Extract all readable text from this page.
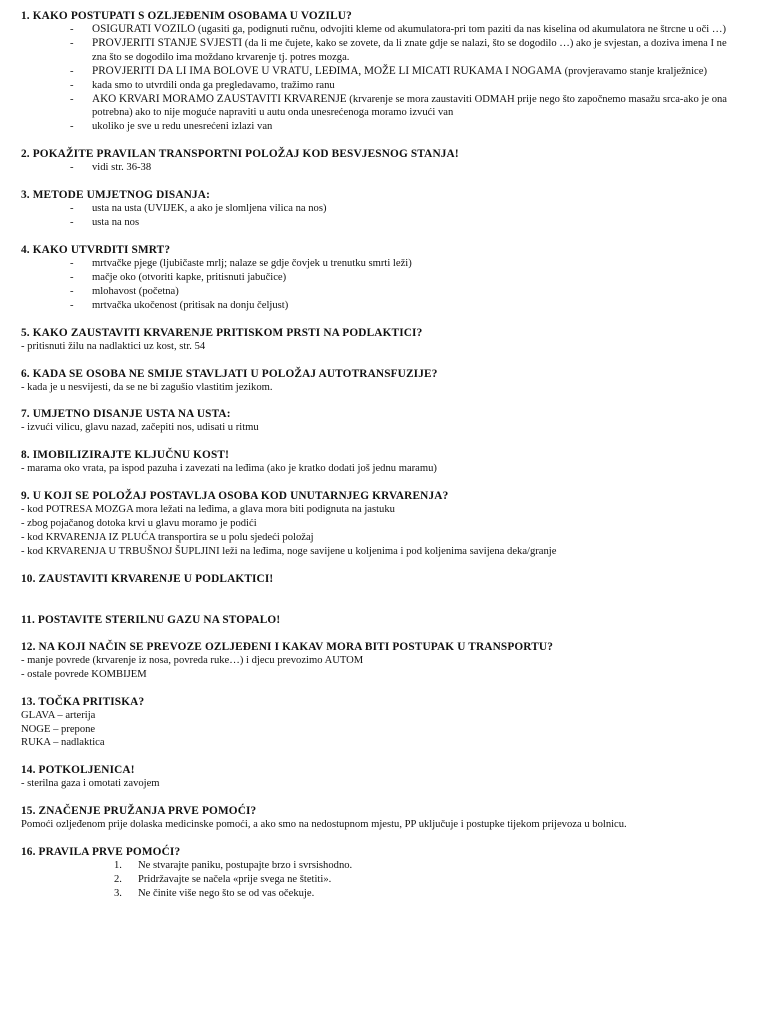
1. KAKO POSTUPATI S OZLJEĐENIM OSOBAMA U VOZILU?

- OSIGURATI VOZILO (ugasiti ga, podignuti ručnu, odvojiti kleme od akumulatora-pri tom paziti da nas kiselina od akumulatora ne štrcne u oči …)
- PROVJERITI STANJE SVJESTI (da li me čujete, kako se zovete, da li znate gdje se nalazi, što se dogodilo …) ako je svjestan, a doziva imena I ne zna što se dogodilo ima moždano krvarenje tj. potres mozga.
- PROVJERITI DA LI IMA BOLOVE U VRATU, LEĐIMA, MOŽE LI MICATI RUKAMA I NOGAMA (provjeravamo stanje kralježnice)
- kada smo to utvrdili onda ga pregledavamo, tražimo ranu
- AKO KRVARI MORAMO ZAUSTAVITI KRVARENJE (krvarenje se mora zaustaviti ODMAH prije nego što započnemo masažu srca-ako je ona potrebna) ako to nije moguće napraviti u autu onda unesrećenoga moramo izvući van
- ukoliko je sve u redu unesrećeni izlazi van

2. POKAŽITE PRAVILAN TRANSPORTNI POLOŽAJ KOD BESVJESNOG STANJA!

- vidi str. 36-38

3. METODE UMJETNOG DISANJA:

- usta na usta (UVIJEK, a ako je slomljena vilica na nos)
- usta na nos

4. KAKO UTVRDITI SMRT?

- mrtvačke pjege (ljubičaste mrlj; nalaze se gdje čovjek u trenutku smrti leži)
- mačje oko (otvoriti kapke, pritisnuti jabučice)
- mlohavost (početna)
- mrtvačka ukočenost (pritisak na donju čeljust)

5. KAKO ZAUSTAVITI KRVARENJE PRITISKOM PRSTI NA PODLAKTICI?

- pritisnuti žilu na nadlaktici uz kost, str. 54

6. KADA SE OSOBA NE SMIJE STAVLJATI U POLOŽAJ AUTOTRANSFUZIJE?

- kada je u nesvijesti, da se ne bi zagušio vlastitim jezikom.

7. UMJETNO DISANJE USTA NA USTA:

- izvući vilicu, glavu nazad, začepiti nos, udisati u ritmu

8. IMOBILIZIRAJTE KLJUČNU KOST!

- marama oko vrata, pa ispod pazuha i zavezati na leđima (ako je kratko dodati još jednu maramu)

9. U KOJI SE POLOŽAJ POSTAVLJA OSOBA KOD UNUTARNJEG KRVARENJA?

- kod POTRESA MOZGA mora ležati na leđima, a glava mora biti podignuta na jastuku

- zbog pojačanog dotoka krvi u glavu moramo je podići

- kod KRVARENJA IZ PLUĆA transportira se u polu sjedeći položaj

- kod KRVARENJA U TRBUŠNOJ ŠUPLJINI leži na leđima, noge savijene u koljenima i pod koljenima savijena deka/granje

10. ZAUSTAVITI KRVARENJE U PODLAKTICI!

11. POSTAVITE STERILNU GAZU NA STOPALO!

12. NA KOJI NAČIN SE PREVOZE OZLJEĐENI I KAKAV MORA BITI POSTUPAK U TRANSPORTU?

- manje povrede (krvarenje iz nosa, povreda ruke…) i djecu prevozimo AUTOM

- ostale povrede KOMBIJEM

13. TOČKA PRITISKA?

GLAVA – arterija

NOGE – prepone

RUKA – nadlaktica

14. POTKOLJENICA!

- sterilna gaza i omotati zavojem

15. ZNAČENJE PRUŽANJA PRVE POMOĆI?

Pomoći ozljeđenom prije dolaska medicinske pomoći, a ako smo na nedostupnom mjestu, PP uključuje i postupke tijekom prijevoza u bolnicu.

16. PRAVILA PRVE POMOĆI?

1. Ne stvarajte paniku, postupajte brzo i svrsishodno.
2. Pridržavajte se načela «prije svega ne štetiti».
3. Ne činite više nego što se od vas očekuje.
